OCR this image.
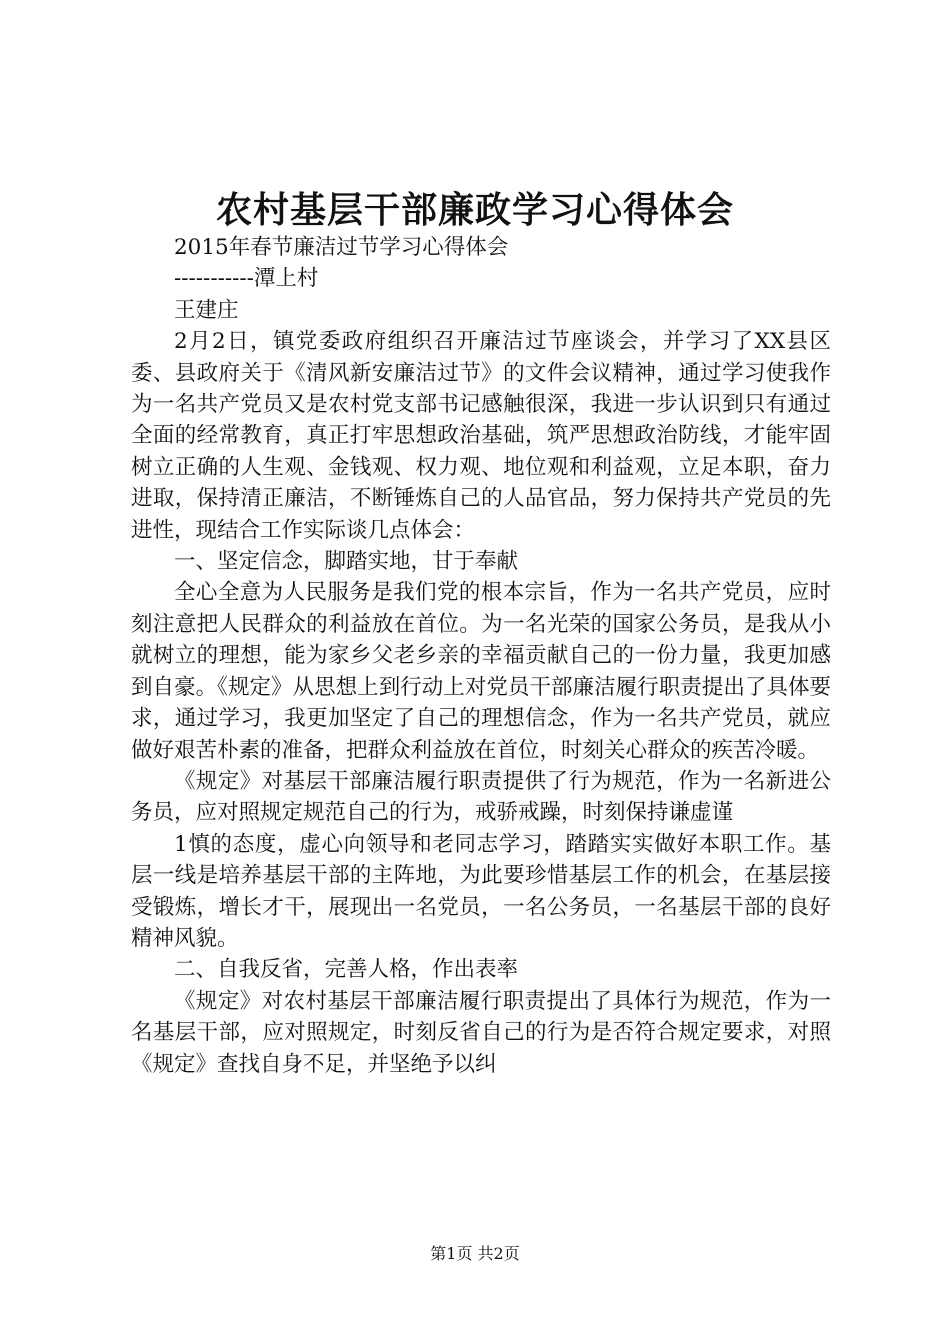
农村基层干部廉政学习心得体会

2015年春节廉洁过节学习心得体会

-----------潭上村

王建庄

2月2日，镇党委政府组织召开廉洁过节座谈会，并学习了XX县区委、县政府关于《清风新安廉洁过节》的文件会议精神，通过学习使我作为一名共产党员又是农村党支部书记感触很深，我进一步认识到只有通过全面的经常教育，真正打牢思想政治基础，筑严思想政治防线，才能牢固树立正确的人生观、金钱观、权力观、地位观和利益观，立足本职，奋力进取，保持清正廉洁，不断锤炼自己的人品官品，努力保持共产党员的先进性，现结合工作实际谈几点体会：

一、坚定信念，脚踏实地，甘于奉献

全心全意为人民服务是我们党的根本宗旨，作为一名共产党员，应时刻注意把人民群众的利益放在首位。为一名光荣的国家公务员，是我从小就树立的理想，能为家乡父老乡亲的幸福贡献自己的一份力量，我更加感到自豪。《规定》从思想上到行动上对党员干部廉洁履行职责提出了具体要求，通过学习，我更加坚定了自己的理想信念，作为一名共产党员，就应做好艰苦朴素的准备，把群众利益放在首位，时刻关心群众的疾苦冷暖。

《规定》对基层干部廉洁履行职责提供了行为规范，作为一名新进公务员，应对照规定规范自己的行为，戒骄戒躁，时刻保持谦虚谨

1慎的态度，虚心向领导和老同志学习，踏踏实实做好本职工作。基层一线是培养基层干部的主阵地，为此要珍惜基层工作的机会，在基层接受锻炼，增长才干，展现出一名党员，一名公务员，一名基层干部的良好精神风貌。

二、自我反省，完善人格，作出表率

《规定》对农村基层干部廉洁履行职责提出了具体行为规范，作为一名基层干部，应对照规定，时刻反省自己的行为是否符合规定要求，对照《规定》查找自身不足，并坚绝予以纠

第1页 共2页
